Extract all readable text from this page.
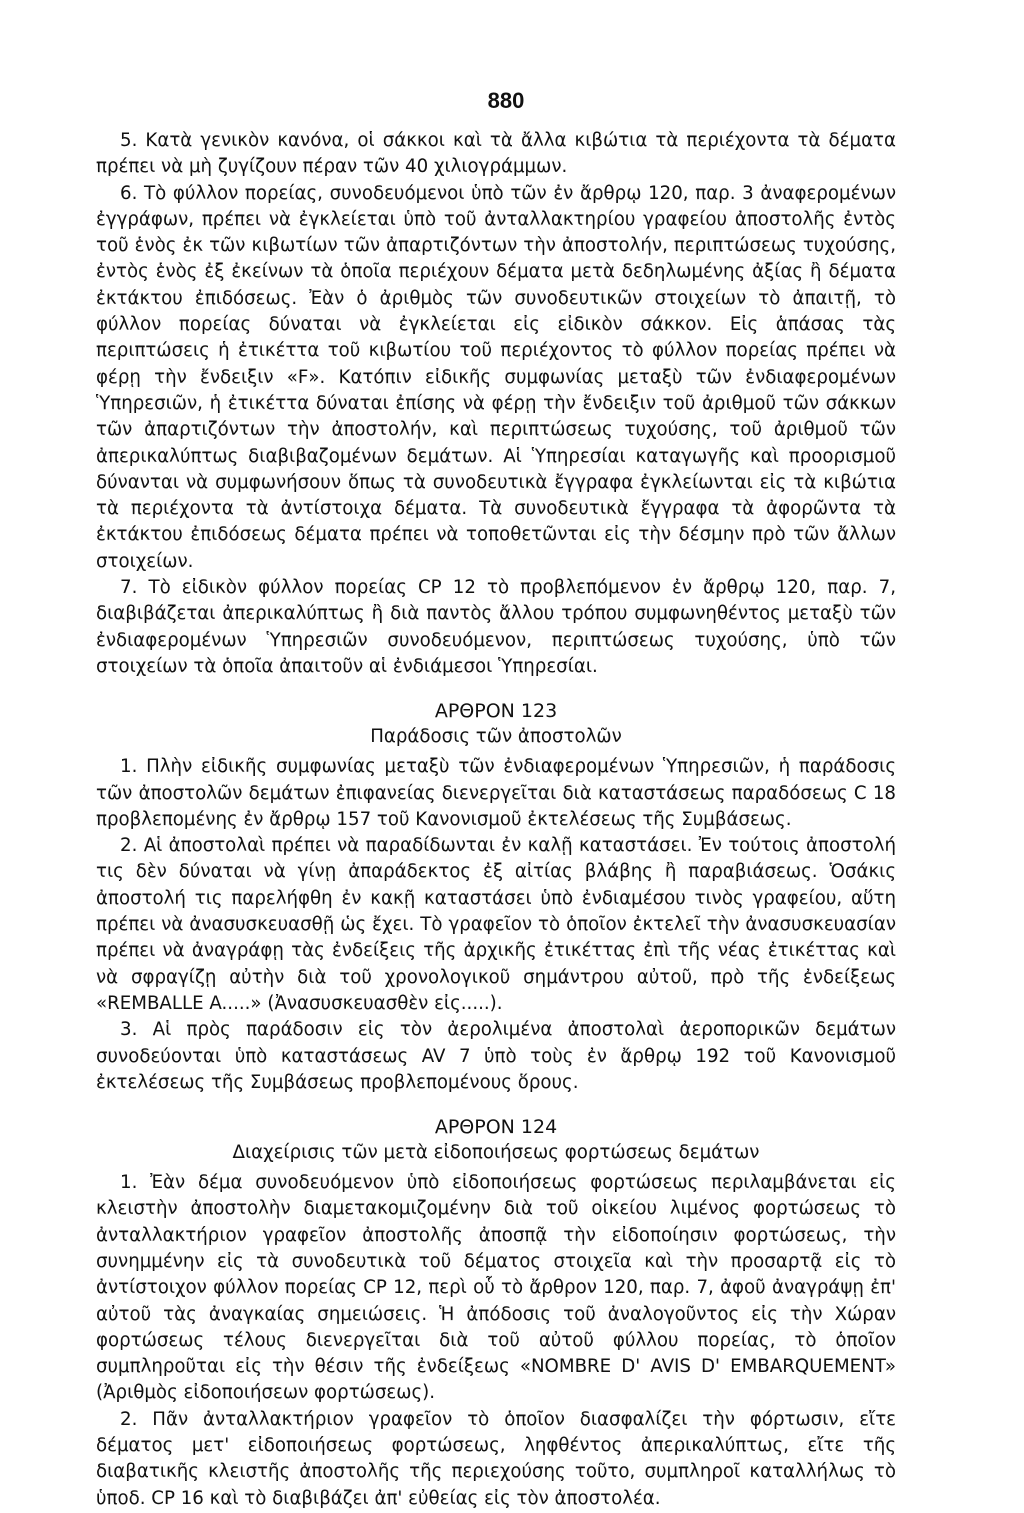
880

5. Κατὰ γενικὸν κανόνα, οἱ σάκκοι καὶ τὰ ἄλλα κιβώτια τὰ περιέχοντα τὰ δέματα πρέπει νὰ μὴ ζυγίζουν πέραν τῶν 40 χιλιογράμμων.

6. Τὸ φύλλον πορείας, συνοδευόμενοι ὑπὸ τῶν ἐν ἄρθρῳ 120, παρ. 3 ἀναφερομένων ἐγγράφων, πρέπει νὰ ἐγκλείεται ὑπὸ τοῦ ἀνταλλακτηρίου γραφείου ἀποστολῆς ἐντὸς τοῦ ἑνὸς ἐκ τῶν κιβωτίων τῶν ἀπαρτιζόντων τὴν ἀποστολήν, περιπτώσεως τυχούσης, ἐντὸς ἑνὸς ἐξ ἐκείνων τὰ ὁποῖα περιέχουν δέματα μετὰ δεδηλωμένης ἀξίας ἢ δέματα ἐκτάκτου ἐπιδόσεως. Ἐὰν ὁ ἀριθμὸς τῶν συνοδευτικῶν στοιχείων τὸ ἀπαιτῇ, τὸ φύλλον πορείας δύναται νὰ ἐγκλείεται εἰς εἰδικὸν σάκκον. Εἰς ἁπάσας τὰς περιπτώσεις ἡ ἐτικέττα τοῦ κιβωτίου τοῦ περιέχοντος τὸ φύλλον πορείας πρέπει νὰ φέρῃ τὴν ἔνδειξιν «F». Κατόπιν εἰδικῆς συμφωνίας μεταξὺ τῶν ἐνδιαφερομένων Ὑπηρεσιῶν, ἡ ἐτικέττα δύναται ἐπίσης νὰ φέρῃ τὴν ἔνδειξιν τοῦ ἀριθμοῦ τῶν σάκκων τῶν ἀπαρτιζόντων τὴν ἀποστολήν, καὶ περιπτώσεως τυχούσης, τοῦ ἀριθμοῦ τῶν ἀπερικαλύπτως διαβιβαζομένων δεμάτων. Αἱ Ὑπηρεσίαι καταγωγῆς καὶ προορισμοῦ δύνανται νὰ συμφωνήσουν ὅπως τὰ συνοδευτικὰ ἔγγραφα ἐγκλείωνται εἰς τὰ κιβώτια τὰ περιέχοντα τὰ ἀντίστοιχα δέματα. Τὰ συνοδευτικὰ ἔγγραφα τὰ ἀφορῶντα τὰ ἐκτάκτου ἐπιδόσεως δέματα πρέπει νὰ τοποθετῶνται εἰς τὴν δέσμην πρὸ τῶν ἄλλων στοιχείων.

7. Τὸ εἰδικὸν φύλλον πορείας CP 12 τὸ προβλεπόμενον ἐν ἄρθρῳ 120, παρ. 7, διαβιβάζεται ἀπερικαλύπτως ἢ διὰ παντὸς ἄλλου τρόπου συμφωνηθέντος μεταξὺ τῶν ἐνδιαφερομένων Ὑπηρεσιῶν συνοδευόμενον, περιπτώσεως τυχούσης, ὑπὸ τῶν στοιχείων τὰ ὁποῖα ἀπαιτοῦν αἱ ἐνδιάμεσοι Ὑπηρεσίαι.

ΑΡΘΡΟΝ 123
Παράδοσις τῶν ἀποστολῶν

1. Πλὴν εἰδικῆς συμφωνίας μεταξὺ τῶν ἐνδιαφερομένων Ὑπηρεσιῶν, ἡ παράδοσις τῶν ἀποστολῶν δεμάτων ἐπιφανείας διενεργεῖται διὰ καταστάσεως παραδόσεως C 18 προβλεπομένης ἐν ἄρθρῳ 157 τοῦ Κανονισμοῦ ἐκτελέσεως τῆς Συμβάσεως.

2. Αἱ ἀποστολαὶ πρέπει νὰ παραδίδωνται ἐν καλῇ καταστάσει. Ἐν τούτοις ἀποστολή τις δὲν δύναται νὰ γίνῃ ἀπαράδεκτος ἐξ αἰτίας βλάβης ἢ παραβιάσεως. Ὁσάκις ἀποστολή τις παρελήφθη ἐν κακῇ καταστάσει ὑπὸ ἐνδιαμέσου τινὸς γραφείου, αὕτη πρέπει νὰ ἀνασυσκευασθῇ ὡς ἔχει. Τὸ γραφεῖον τὸ ὁποῖον ἐκτελεῖ τὴν ἀνασυσκευασίαν πρέπει νὰ ἀναγράφῃ τὰς ἐνδείξεις τῆς ἀρχικῆς ἐτικέττας ἐπὶ τῆς νέας ἐτικέττας καὶ νὰ σφραγίζῃ αὐτὴν διὰ τοῦ χρονολογικοῦ σημάντρου αὐτοῦ, πρὸ τῆς ἐνδείξεως «REMBALLE A.....» (Ἀνασυσκευασθὲν εἰς.....).

3. Αἱ πρὸς παράδοσιν εἰς τὸν ἀερολιμένα ἀποστολαὶ ἀεροπορικῶν δεμάτων συνοδεύονται ὑπὸ καταστάσεως AV 7 ὑπὸ τοὺς ἐν ἄρθρῳ 192 τοῦ Κανονισμοῦ ἐκτελέσεως τῆς Συμβάσεως προβλεπομένους ὅρους.

ΑΡΘΡΟΝ 124
Διαχείρισις τῶν μετὰ εἰδοποιήσεως φορτώσεως δεμάτων

1. Ἐὰν δέμα συνοδευόμενον ὑπὸ εἰδοποιήσεως φορτώσεως περιλαμβάνεται εἰς κλειστὴν ἀποστολὴν διαμετακομιζομένην διὰ τοῦ οἰκείου λιμένος φορτώσεως τὸ ἀνταλλακτήριον γραφεῖον ἀποστολῆς ἀποσπᾷ τὴν εἰδοποίησιν φορτώσεως, τὴν συνημμένην εἰς τὰ συνοδευτικὰ τοῦ δέματος στοιχεῖα καὶ τὴν προσαρτᾷ εἰς τὸ ἀντίστοιχον φύλλον πορείας CP 12, περὶ οὗ τὸ ἄρθρον 120, παρ. 7, ἀφοῦ ἀναγράψῃ ἐπ' αὐτοῦ τὰς ἀναγκαίας σημειώσεις. Ἡ ἀπόδοσις τοῦ ἀναλογοῦντος εἰς τὴν Χώραν φορτώσεως τέλους διενεργεῖται διὰ τοῦ αὐτοῦ φύλλου πορείας, τὸ ὁποῖον συμπληροῦται εἰς τὴν θέσιν τῆς ἐνδείξεως «NOMBRE D' AVIS D' EMBARQUEMENT» (Ἀριθμὸς εἰδοποιήσεων φορτώσεως).

2. Πᾶν ἀνταλλακτήριον γραφεῖον τὸ ὁποῖον διασφαλίζει τὴν φόρτωσιν, εἴτε δέματος μετ' εἰδοποιήσεως φορτώσεως, ληφθέντος ἀπερικαλύπτως, εἴτε τῆς διαβατικῆς κλειστῆς ἀποστολῆς τῆς περιεχούσης τοῦτο, συμπληροῖ καταλλήλως τὸ ὑποδ. CP 16 καὶ τὸ διαβιβάζει ἀπ' εὐθείας εἰς τὸν ἀποστολέα.
